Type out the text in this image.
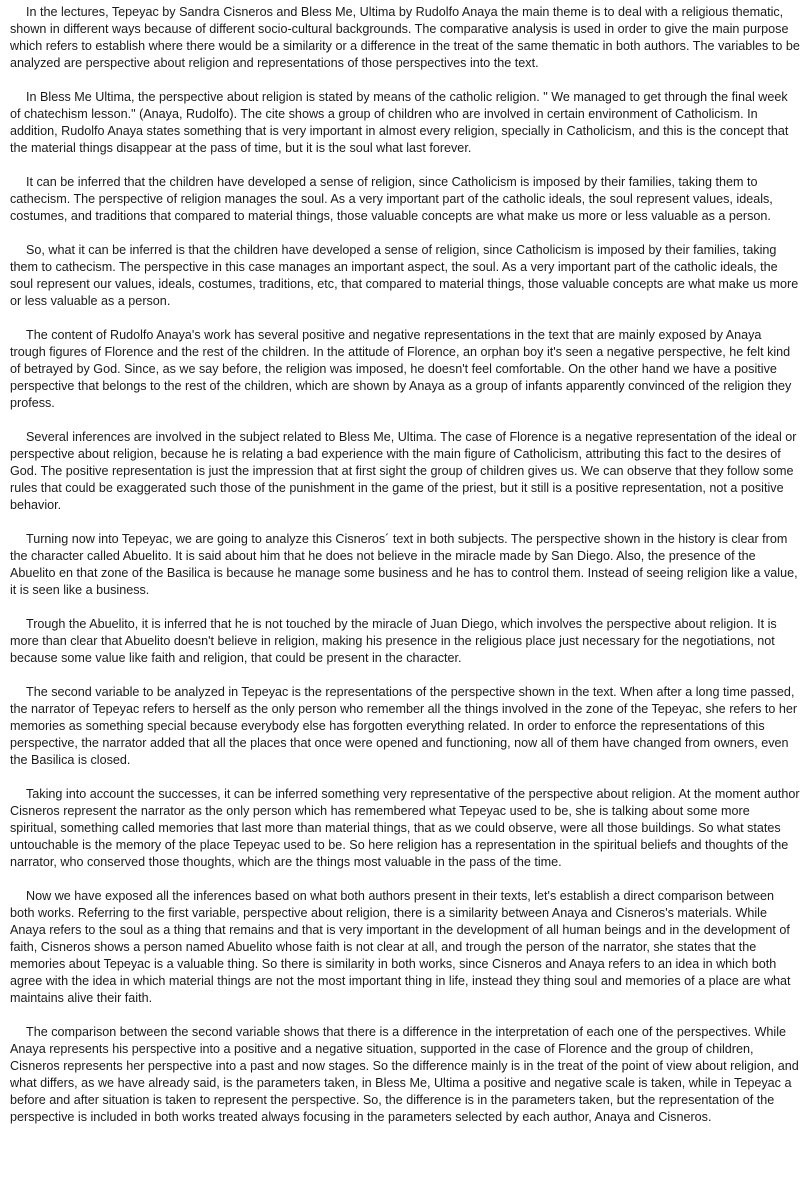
In the lectures, Tepeyac by Sandra Cisneros and Bless Me, Ultima by Rudolfo Anaya the main theme is to deal with a religious thematic, shown in different ways because of different socio-cultural backgrounds. The comparative analysis is used in order to give the main purpose which refers to establish where there would be a similarity or a difference in the treat of the same thematic in both authors. The variables to be analyzed are perspective about religion and representations of those perspectives into the text.

In Bless Me Ultima, the perspective about religion is stated by means of the catholic religion. " We managed to get through the final week of chatechism lesson." (Anaya, Rudolfo). The cite shows a group of children who are involved in certain environment of Catholicism. In addition, Rudolfo Anaya states something that is very important in almost every religion, specially in Catholicism, and this is the concept that the material things disappear at the pass of time, but it is the soul what last forever.

It can be inferred that the children have developed a sense of religion, since Catholicism is imposed by their families, taking them to cathecism. The perspective of religion manages the soul. As a very important part of the catholic ideals, the soul represent values, ideals, costumes, and traditions that compared to material things, those valuable concepts are what make us more or less valuable as a person.

So, what it can be inferred is that the children have developed a sense of religion, since Catholicism is imposed by their families, taking them to cathecism. The perspective in this case manages an important aspect, the soul. As a very important part of the catholic ideals, the soul represent our values, ideals, costumes, traditions, etc, that compared to material things, those valuable concepts are what make us more or less valuable as a person.

The content of Rudolfo Anaya's work has several positive and negative representations in the text that are mainly exposed by Anaya trough figures of Florence and the rest of the children. In the attitude of Florence, an orphan boy it's seen a negative perspective, he felt kind of betrayed by God. Since, as we say before, the religion was imposed, he doesn't feel comfortable. On the other hand we have a positive perspective that belongs to the rest of the children, which are shown by Anaya as a group of infants apparently convinced of the religion they profess.

Several inferences are involved in the subject related to Bless Me, Ultima. The case of Florence is a negative representation of the ideal or perspective about religion, because he is relating a bad experience with the main figure of Catholicism, attributing this fact to the desires of God. The positive representation is just the impression that at first sight the group of children gives us. We can observe that they follow some rules that could be exaggerated such those of the punishment in the game of the priest, but it still is a positive representation, not a positive behavior.

Turning now into Tepeyac, we are going to analyze this Cisneros´ text in both subjects. The perspective shown in the history is clear from the character called Abuelito. It is said about him that he does not believe in the miracle made by San Diego. Also, the presence of the Abuelito en that zone of the Basilica is because he manage some business and he has to control them. Instead of seeing religion like a value, it is seen like a business.

Trough the Abuelito, it is inferred that he is not touched by the miracle of Juan Diego, which involves the perspective about religion. It is more than clear that Abuelito doesn't believe in religion, making his presence in the religious place just necessary for the negotiations, not because some value like faith and religion, that could be present in the character.

The second variable to be analyzed in Tepeyac is the representations of the perspective shown in the text. When after a long time passed, the narrator of Tepeyac refers to herself as the only person who remember all the things involved in the zone of the Tepeyac, she refers to her memories as something special because everybody else has forgotten everything related. In order to enforce the representations of this perspective, the narrator added that all the places that once were opened and functioning, now all of them have changed from owners, even the Basilica is closed.

Taking into account the successes, it can be inferred something very representative of the perspective about religion. At the moment author Cisneros represent the narrator as the only person which has remembered what Tepeyac used to be, she is talking about some more spiritual, something called memories that last more than material things, that as we could observe, were all those buildings. So what states untouchable is the memory of the place Tepeyac used to be. So here religion has a representation in the spiritual beliefs and thoughts of the narrator, who conserved those thoughts, which are the things most valuable in the pass of the time.

Now we have exposed all the inferences based on what both authors present in their texts, let's establish a direct comparison between both works. Referring to the first variable, perspective about religion, there is a similarity between Anaya and Cisneros's materials. While Anaya refers to the soul as a thing that remains and that is very important in the development of all human beings and in the development of faith, Cisneros shows a person named Abuelito whose faith is not clear at all, and trough the person of the narrator, she states that the memories about Tepeyac is a valuable thing. So there is similarity in both works, since Cisneros and Anaya refers to an idea in which both agree with the idea in which material things are not the most important thing in life, instead they thing soul and memories of a place are what maintains alive their faith.

The comparison between the second variable shows that there is a difference in the interpretation of each one of the perspectives. While Anaya represents his perspective into a positive and a negative situation, supported in the case of Florence and the group of children, Cisneros represents her perspective into a past and now stages. So the difference mainly is in the treat of the point of view about religion, and what differs, as we have already said, is the parameters taken, in Bless Me, Ultima a positive and negative scale is taken, while in Tepeyac a before and after situation is taken to represent the perspective. So, the difference is in the parameters taken, but the representation of the perspective is included in both works treated always focusing in the parameters selected by each author, Anaya and Cisneros.
